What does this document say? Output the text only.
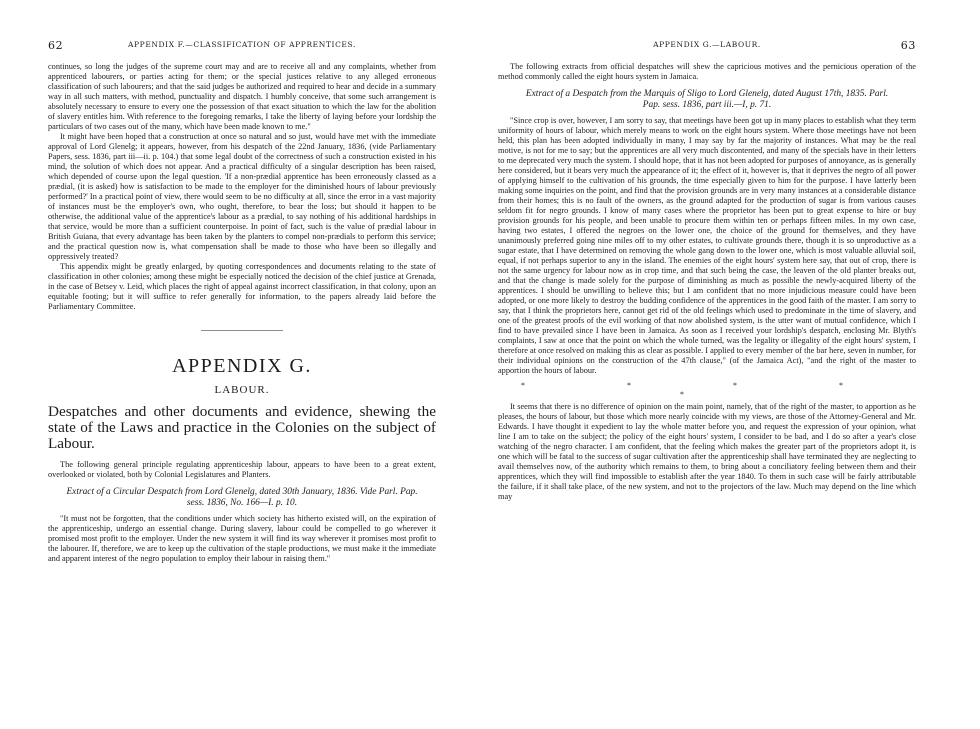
62	APPENDIX F.—CLASSIFICATION OF APPRENTICES.

continues, so long the judges of the supreme court may and are to receive all and any complaints, whether from apprenticed labourers, or parties acting for them; or the special justices relative to any alleged erroneous classification of such labourers; and that the said judges be authorized and required to hear and decide in a summary way in all such matters, with method, punctuality and dispatch. I humbly conceive, that some such arrangement is absolutely necessary to ensure to every one the possession of that exact situation to which the law for the abolition of slavery entitles him. With reference to the foregoing remarks, I take the liberty of laying before your lordship the particulars of two cases out of the many, which have been made known to me."

It might have been hoped that a construction at once so natural and so just, would have met with the immediate approval of Lord Glenelg; it appears, however, from his despatch of the 22nd January, 1836, (vide Parliamentary Papers, sess. 1836, part iii—ii. p. 104.) that some legal doubt of the correctness of such a construction existed in his mind, the solution of which does not appear. And a practical difficulty of a singular description has been raised, which depended of course upon the legal question. 'If a non-prædial apprentice has been erroneously classed as a prædial, (it is asked) how is satisfaction to be made to the employer for the diminished hours of labour previously performed?' In a practical point of view, there would seem to be no difficulty at all, since the error in a vast majority of instances must be the employer's own, who ought, therefore, to bear the loss; but should it happen to be otherwise, the additional value of the apprentice's labour as a prædial, to say nothing of his additional hardships in that service, would be more than a sufficient counterpoise. In point of fact, such is the value of prædial labour in British Guiana, that every advantage has been taken by the planters to compel non-prædials to perform this service; and the practical question now is, what compensation shall be made to those who have been so illegally and oppressively treated?

This appendix might be greatly enlarged, by quoting correspondences and documents relating to the state of classification in other colonies; among these might be especially noticed the decision of the chief justice at Grenada, in the case of Betsey v. Leid, which places the right of appeal against incorrect classification, in that colony, upon an equitable footing; but it will suffice to refer generally for information, to the papers already laid before the Parliamentary Committee.

APPENDIX G.
LABOUR.

Despatches and other documents and evidence, shewing the state of the Laws and practice in the Colonies on the subject of Labour.

The following general principle regulating apprenticeship labour, appears to have been to a great extent, overlooked or violated, both by Colonial Legislatures and Planters.

Extract of a Circular Despatch from Lord Glenelg, dated 30th January, 1836. Vide Parl. Pap. sess. 1836, No. 166—I. p. 10.

"It must not be forgotten, that the conditions under which society has hitherto existed will, on the expiration of the apprenticeship, undergo an essential change. During slavery, labour could be compelled to go wherever it promised most profit to the employer. Under the new system it will find its way wherever it promises most profit to the labourer. If, therefore, we are to keep up the cultivation of the staple productions, we must make it the immediate and apparent interest of the negro population to employ their labour in raising them."

APPENDIX G.—LABOUR.	63

The following extracts from official despatches will shew the capricious motives and the pernicious operation of the method commonly called the eight hours system in Jamaica.

Extract of a Despatch from the Marquis of Sligo to Lord Glenelg, dated August 17th, 1835. Parl. Pap. sess. 1836, part iii.—I, p. 71.

"Since crop is over, however, I am sorry to say, that meetings have been got up in many places to establish what they term uniformity of hours of labour, which merely means to work on the eight hours system. Where those meetings have not been held, this plan has been adopted individually in many, I may say by far the majority of instances. What may be the real motive, is not for me to say; but the apprentices are all very much discontented, and many of the specials have in their letters to me deprecated very much the system. I should hope, that it has not been adopted for purposes of annoyance, as is generally here considered, but it bears very much the appearance of it; the effect of it, however is, that it deprives the negro of all power of applying himself to the cultivation of his grounds, the time especially given to him for the purpose. I have latterly been making some inquiries on the point, and find that the provision grounds are in very many instances at a considerable distance from their homes; this is no fault of the owners, as the ground adapted for the production of sugar is from various causes seldom fit for negro grounds. I know of many cases where the proprietor has been put to great expense to hire or buy provision grounds for his people, and been unable to procure them within ten or perhaps fifteen miles. In my own case, having two estates, I offered the negroes on the lower one, the choice of the ground for themselves, and they have unanimously preferred going nine miles off to my other estates, to cultivate grounds there, though it is so unproductive as a sugar estate, that I have determined on removing the whole gang down to the lower one, which is most valuable alluvial soil, equal, if not perhaps superior to any in the island. The enemies of the eight hours' system here say, that out of crop, there is not the same urgency for labour now as in crop time, and that such being the case, the leaven of the old planter breaks out, and that the change is made solely for the purpose of diminishing as much as possible the newly-acquired liberty of the apprentices. I should be unwilling to believe this; but I am confident that no more injudicious measure could have been adopted, or one more likely to destroy the budding confidence of the apprentices in the good faith of the master. I am sorry to say, that I think the proprietors here, cannot get rid of the old feelings which used to predominate in the time of slavery, and one of the greatest proofs of the evil working of that now abolished system, is the utter want of mutual confidence, which I find to have prevailed since I have been in Jamaica. As soon as I received your lordship's despatch, enclosing Mr. Blyth's complaints, I saw at once that the point on which the whole turned, was the legality or illegality of the eight hours' system, I therefore at once resolved on making this as clear as possible. I applied to every member of the bar here, seven in number, for their individual opinions on the construction of the 47th clause," (of the Jamaica Act), "and the right of the master to apportion the hours of labour.

* * * * *

It seems that there is no difference of opinion on the main point, namely, that of the right of the master, to apportion as he pleases, the hours of labour, but those which more nearly coincide with my views, are those of the Attorney-General and Mr. Edwards. I have thought it expedient to lay the whole matter before you, and request the expression of your opinion, what line I am to take on the subject; the policy of the eight hours' system, I consider to be bad, and I do so after a year's close watching of the negro character. I am confident, that the feeling which makes the greater part of the proprietors adopt it, is one which will be fatal to the success of sugar cultivation after the apprenticeship shall have terminated they are neglecting to avail themselves now, of the authority which remains to them, to bring about a conciliatory feeling between them and their apprentices, which they will find impossible to establish after the year 1840. To them in such case will be fairly attributable the failure, if it shall take place, of the new system, and not to the projectors of the law. Much may depend on the line which may
